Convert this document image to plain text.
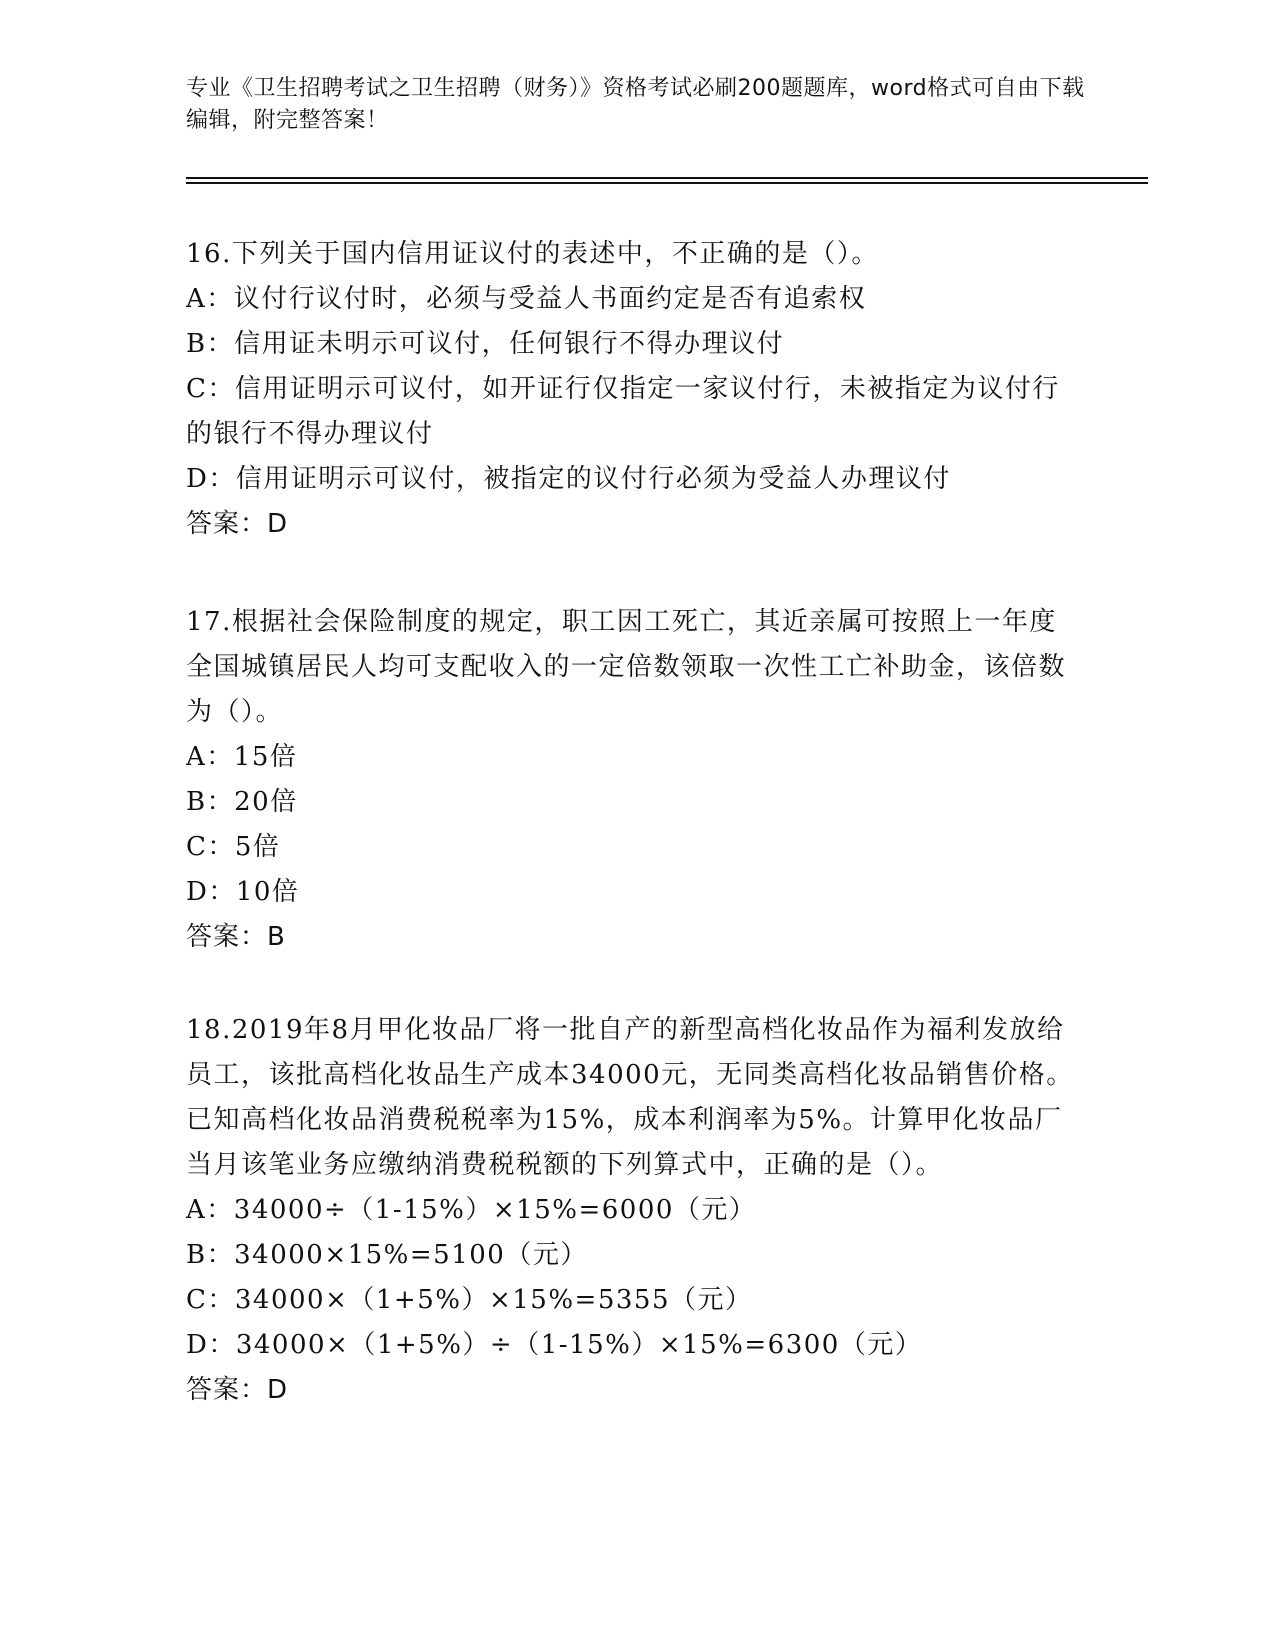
专业《卫生招聘考试之卫生招聘（财务）》资格考试必刷200题题库，word格式可自由下载编辑，附完整答案！

16.下列关于国内信用证议付的表述中，不正确的是（）。

A：议付行议付时，必须与受益人书面约定是否有追索权

B：信用证未明示可议付，任何银行不得办理议付

C：信用证明示可议付，如开证行仅指定一家议付行，未被指定为议付行的银行不得办理议付

D：信用证明示可议付，被指定的议付行必须为受益人办理议付

答案：D

17.根据社会保险制度的规定，职工因工死亡，其近亲属可按照上一年度全国城镇居民人均可支配收入的一定倍数领取一次性工亡补助金，该倍数为（）。

A：15倍

B：20倍

C：5倍

D：10倍

答案：B

18.2019年8月甲化妆品厂将一批自产的新型高档化妆品作为福利发放给员工，该批高档化妆品生产成本34000元，无同类高档化妆品销售价格。已知高档化妆品消费税税率为15%，成本利润率为5%。计算甲化妆品厂当月该笔业务应缴纳消费税税额的下列算式中，正确的是（）。

A：34000÷（1-15%）×15%=6000（元）

B：34000×15%=5100（元）

C：34000×（1+5%）×15%=5355（元）

D：34000×（1+5%）÷（1-15%）×15%=6300（元）

答案：D
